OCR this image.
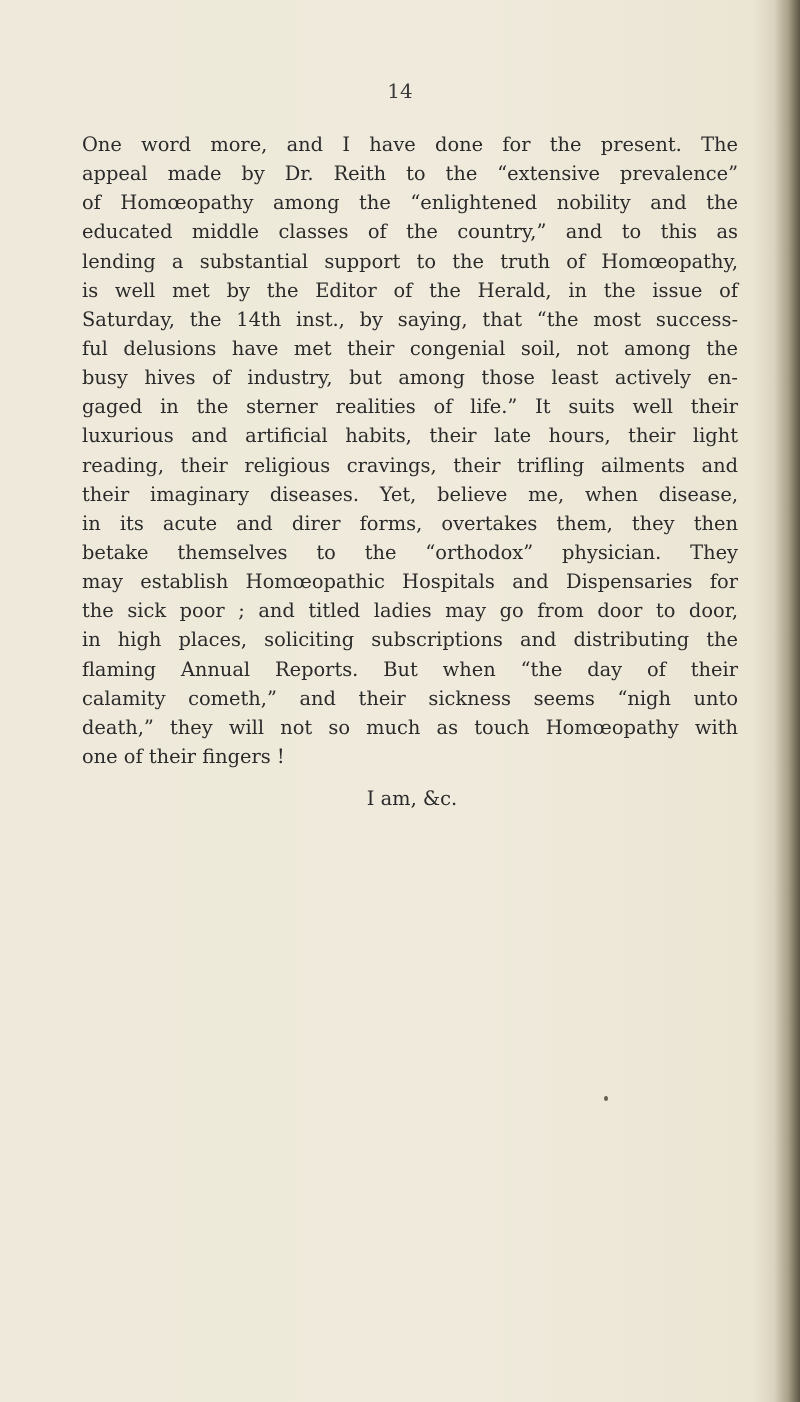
14
One word more, and I have done for the present. The
appeal made by Dr. Reith to the “extensive prevalence”
of Homœopathy among the “enlightened nobility and the
educated middle classes of the country,” and to this as
lending a substantial support to the truth of Homœopathy,
is well met by the Editor of the Herald, in the issue of
Saturday, the 14th inst., by saying, that “the most success-
ful delusions have met their congenial soil, not among the
busy hives of industry, but among those least actively en-
gaged in the sterner realities of life.” It suits well their
luxurious and artificial habits, their late hours, their light
reading, their religious cravings, their trifling ailments and
their imaginary diseases. Yet, believe me, when disease,
in its acute and direr forms, overtakes them, they then
betake themselves to the “orthodox” physician. They
may establish Homœopathic Hospitals and Dispensaries for
the sick poor ; and titled ladies may go from door to door,
in high places, soliciting subscriptions and distributing the
flaming Annual Reports. But when “the day of their
calamity cometh,” and their sickness seems “nigh unto
death,” they will not so much as touch Homœopathy with
one of their fingers !
I am, &c.
